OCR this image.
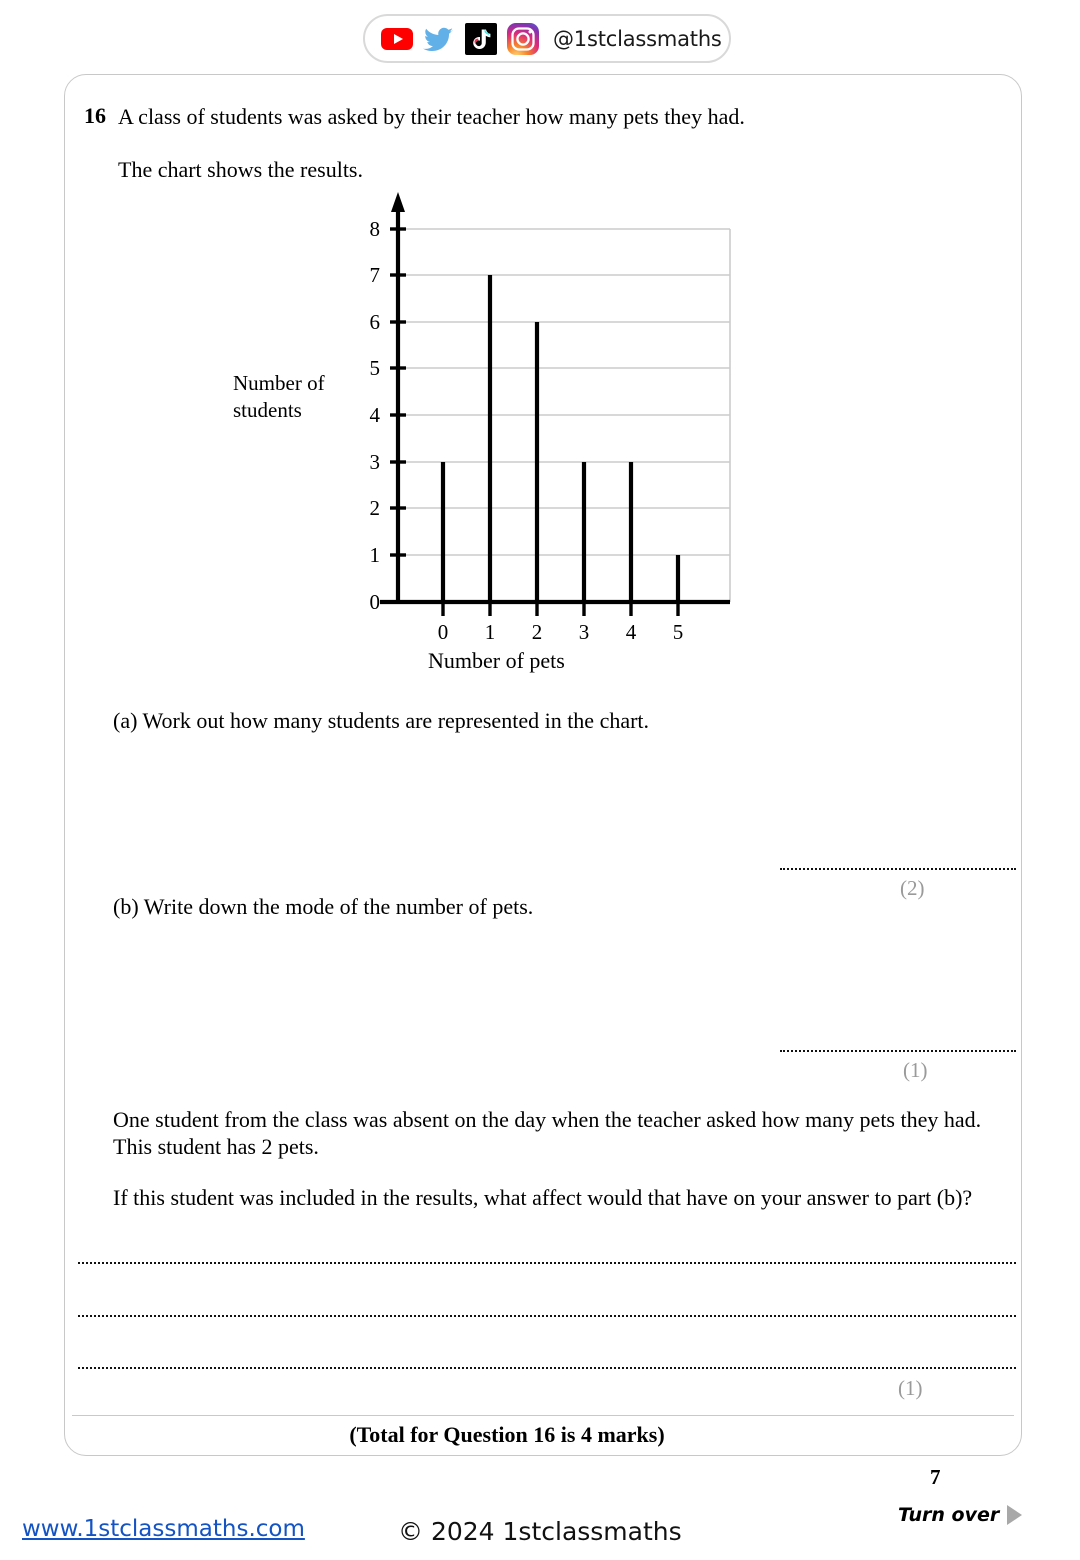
@1stclassmaths
16 A class of students was asked by their teacher how many pets they had.
The chart shows the results.
Number of students
Number of pets
8
7
6
5
4
3
2
1
0
0 1 2 3 4 5
(a) Work out how many students are represented in the chart.
(2)
(b) Write down the mode of the number of pets.
(1)
One student from the class was absent on the day when the teacher asked how many pets they had.
This student has 2 pets.
If this student was included in the results, what affect would that have on your answer to part (b)?
(1)
(Total for Question 16 is 4 marks)
7
Turn over
www.1stclassmaths.com	© 2024 1stclassmaths
